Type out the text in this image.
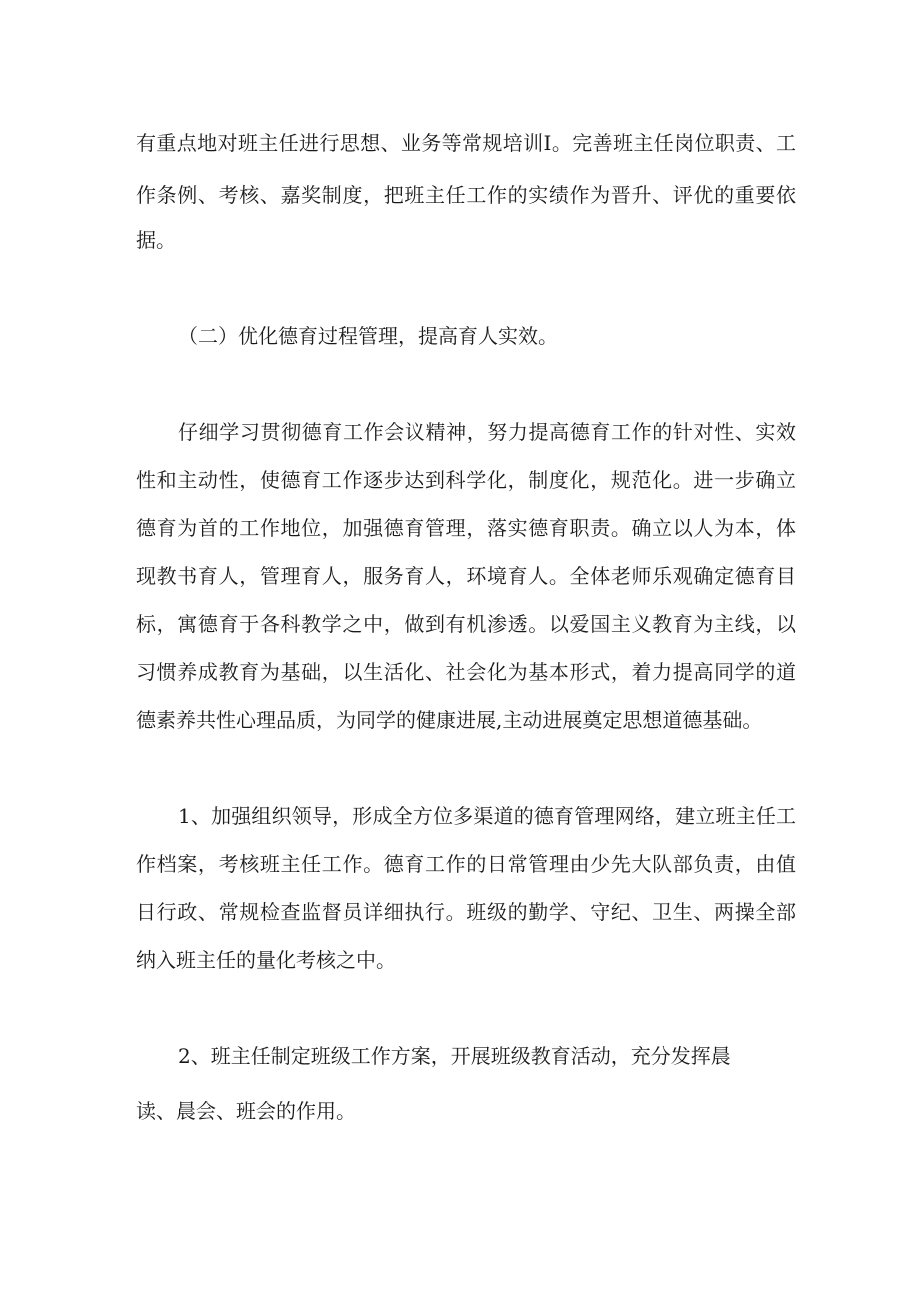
有重点地对班主任进行思想、业务等常规培训I。完善班主任岗位职责、工
作条例、考核、嘉奖制度，把班主任工作的实绩作为晋升、评优的重要依
据。
（二）优化德育过程管理，提高育人实效。
仔细学习贯彻德育工作会议精神，努力提高德育工作的针对性、实效
性和主动性，使德育工作逐步达到科学化，制度化，规范化。进一步确立
德育为首的工作地位，加强德育管理，落实德育职责。确立以人为本，体
现教书育人，管理育人，服务育人，环境育人。全体老师乐观确定德育目
标，寓德育于各科教学之中，做到有机渗透。以爱国主义教育为主线，以
习惯养成教育为基础，以生活化、社会化为基本形式，着力提高同学的道
德素养共性心理品质，为同学的健康进展,主动进展奠定思想道德基础。
1、加强组织领导，形成全方位多渠道的德育管理网络，建立班主任工
作档案，考核班主任工作。德育工作的日常管理由少先大队部负责，由值
日行政、常规检查监督员详细执行。班级的勤学、守纪、卫生、两操全部
纳入班主任的量化考核之中。
2、班主任制定班级工作方案，开展班级教育活动，充分发挥晨
读、晨会、班会的作用。
